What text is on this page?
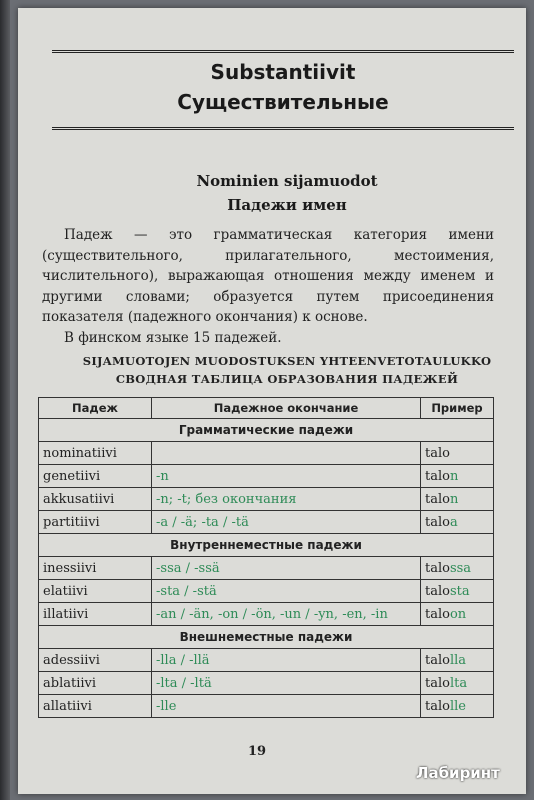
Substantiivit
Существительные
Nominien sijamuodot
Падежи имен

Падеж — это грамматическая категория имени (существительного, прилагательного, местоимения, числительного), выражающая отношения между именем и другими словами; образуется путем присоединения показателя (падежного окончания) к основе.

В финском языке 15 падежей.

SIJAMUOTOJEN MUODOSTUKSEN YHTEENVETOTAULUKKO
СВОДНАЯ ТАБЛИЦА ОБРАЗОВАНИЯ ПАДЕЖЕЙ
Падеж	Падежное окончание	Пример
Грамматические падежи		
nominatiivi		talo
genetiivi	-n	talon
akkusatiivi	-n; -t; без окончания	talon
partitiivi	-a / -ä; -ta / -tä	taloa
Внутреннеместные падежи		
inessiivi	-ssa / -ssä	talossa
elatiivi	-sta / -stä	talosta
illatiivi	-an / -än, -on / -ön, -un / -yn, -en, -in	taloon
Внешнеместные падежи		
adessiivi	-lla / -llä	talolla
ablatiivi	-lta / -ltä	talolta
allatiivi	-lle	talolle
19
Лабиринт
